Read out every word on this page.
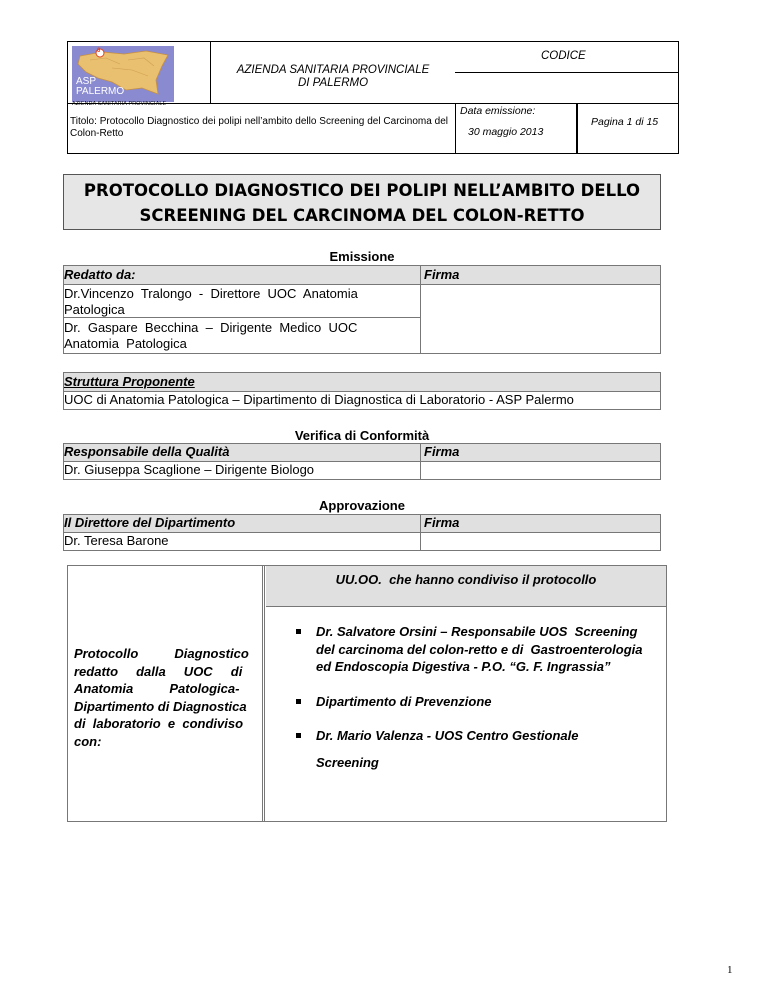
6
ASP
PALERMO
AZIENDA SANITARIA PROVINCIALE
AZIENDA SANITARIA PROVINCIALE
DI PALERMO
CODICE
Data emissione:
30 maggio 2013
Titolo: Protocollo Diagnostico dei polipi nell’ambito dello Screening del Carcinoma del Colon-Retto
Pagina 1 di 15
PROTOCOLLO DIAGNOSTICO DEI POLIPI NELL’AMBITO DELLO
SCREENING DEL CARCINOMA DEL COLON-RETTO
Emissione
Redatto da:	Firma
Dr.Vincenzo  Tralongo  -  Direttore  UOC  Anatomia
Patologica
Dr.  Gaspare  Becchina  –  Dirigente  Medico  UOC
Anatomia  Patologica
Struttura Proponente
UOC di Anatomia Patologica – Dipartimento di Diagnostica di Laboratorio - ASP Palermo
Verifica di Conformità
Responsabile della Qualità	Firma
Dr. Giuseppa Scaglione – Dirigente Biologo
Approvazione
Il Direttore del Dipartimento	Firma
Dr. Teresa Barone
UU.OO.  che hanno condiviso il protocollo
Protocollo          Diagnostico
redatto     dalla     UOC     di
Anatomia          Patologica-
Dipartimento di Diagnostica
di  laboratorio  e  condiviso
con:
Dr. Salvatore Orsini – Responsabile UOS  Screening
del carcinoma del colon-retto e di  Gastroenterologia
ed Endoscopia Digestiva - P.O. “G. F. Ingrassia”
Dipartimento di Prevenzione
Dr. Mario Valenza - UOS Centro Gestionale
Screening
1
